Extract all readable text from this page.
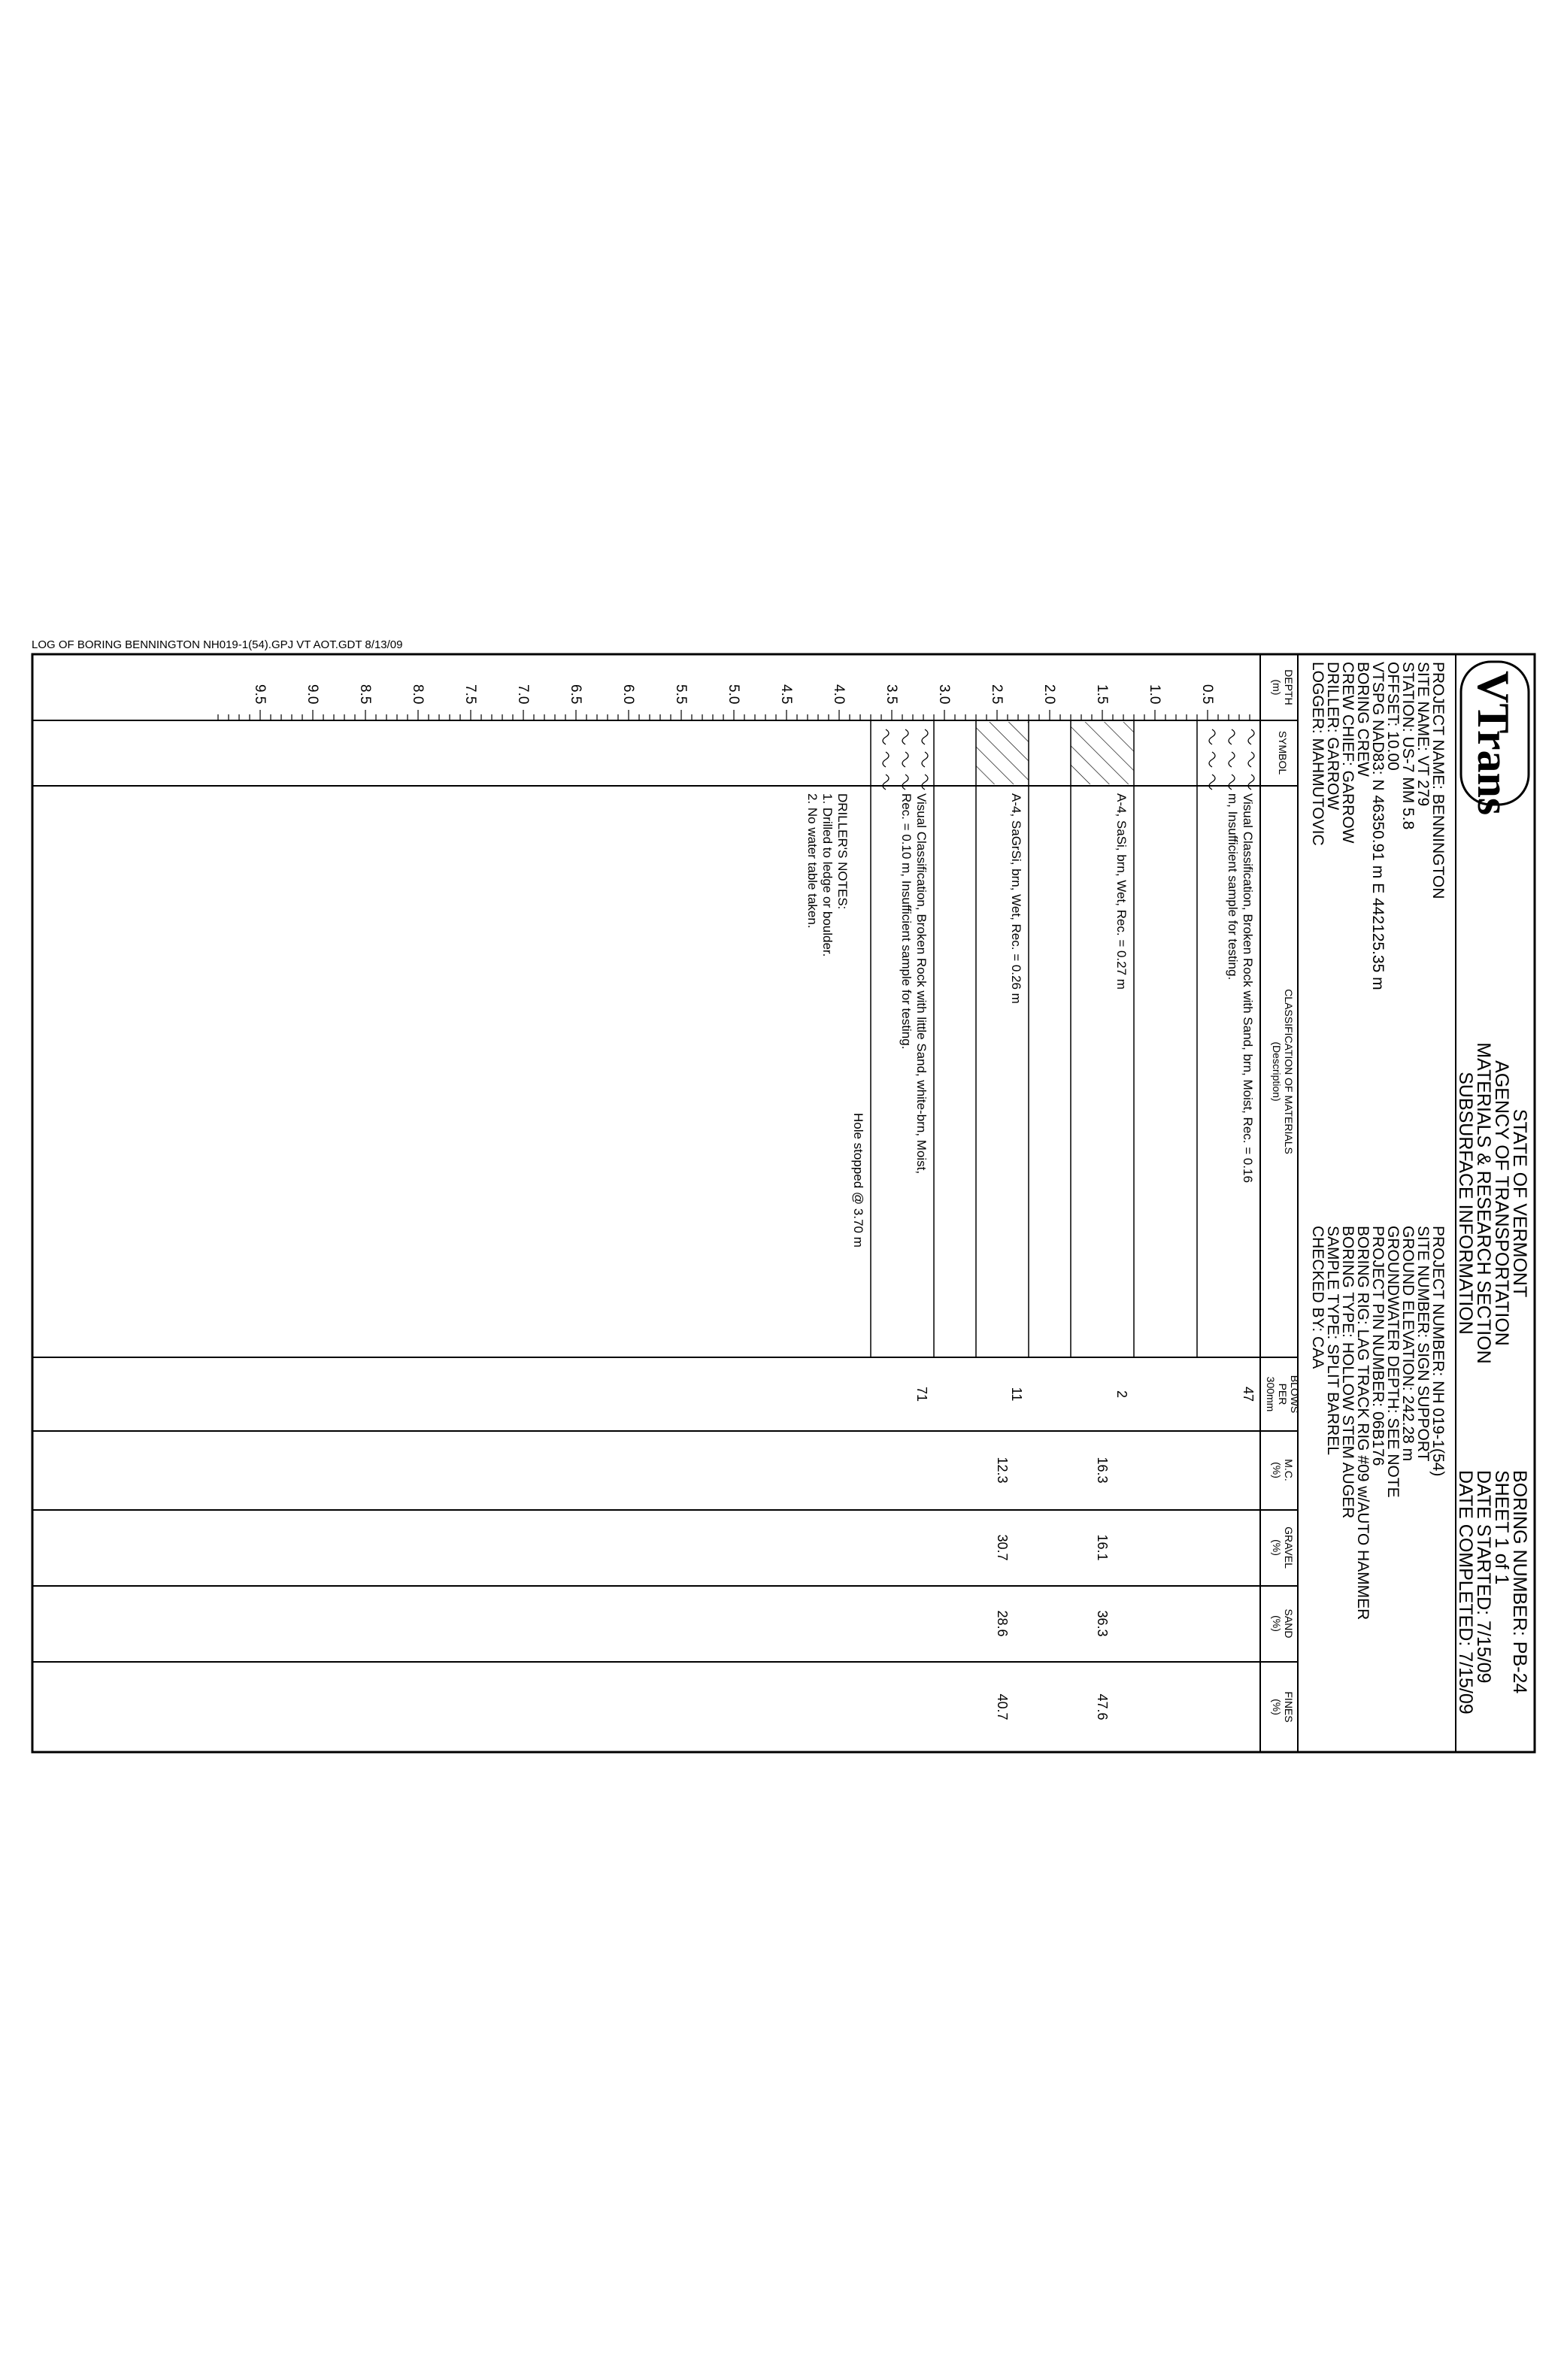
LOG OF BORING BENNINGTON NH019-1(54).GPJ VT AOT.GDT 8/13/09
VTrans
STATE OF VERMONT
AGENCY OF TRANSPORTATION
MATERIALS & RESEARCH SECTION
SUBSURFACE INFORMATION
BORING NUMBER: PB-24
SHEET 1 of 1
DATE STARTED: 7/15/09
DATE COMPLETED: 7/15/09
PROJECT NAME: BENNINGTON
SITE NAME: VT 279
STATION: US-7 MM 5.8
OFFSET: 10.00
VTSPG NAD83: N 46350.91 m E 442125.35 m
BORING CREW
CREW CHIEF: GARROW
DRILLER: GARROW
LOGGER: MAHMUTOVIC
PROJECT NUMBER: NH 019-1(54)
SITE NUMBER: SIGN SUPPORT
GROUND ELEVATION: 242.28 m
GROUNDWATER DEPTH: SEE NOTE
PROJECT PIN NUMBER: 06B176
BORING RIG: LAG TRACK RIG #09 w/AUTO HAMMER
BORING TYPE: HOLLOW STEM AUGER
SAMPLE TYPE: SPLIT BARREL
CHECKED BY: CAA
DEPTH
(m)
SYMBOL
CLASSIFICATION OF MATERIALS
(Description)
BLOWS
PER
300mm
M.C.
(%)
GRAVEL
(%)
SAND
(%)
FINES
(%)
0.5
1.0
1.5
2.0
2.5
3.0
3.5
4.0
4.5
5.0
5.5
6.0
6.5
7.0
7.5
8.0
8.5
9.0
9.5
Visual Classification, Broken Rock with Sand, brn, Moist, Rec. = 0.16
m, Insufficient sample for testing.
47
A-4, SaSi, brn, Wet, Rec. = 0.27 m
2
16.3
16.1
36.3
47.6
A-4, SaGrSi, brn, Wet, Rec. = 0.26 m
11
12.3
30.7
28.6
40.7
Visual Classification, Broken Rock with little Sand, white-brn, Moist,
Rec. = 0.10 m, Insufficient sample for testing.
71
Hole stopped @ 3.70 m
DRILLER'S NOTES:
1. Drilled to ledge or boulder.
2. No water table taken.
